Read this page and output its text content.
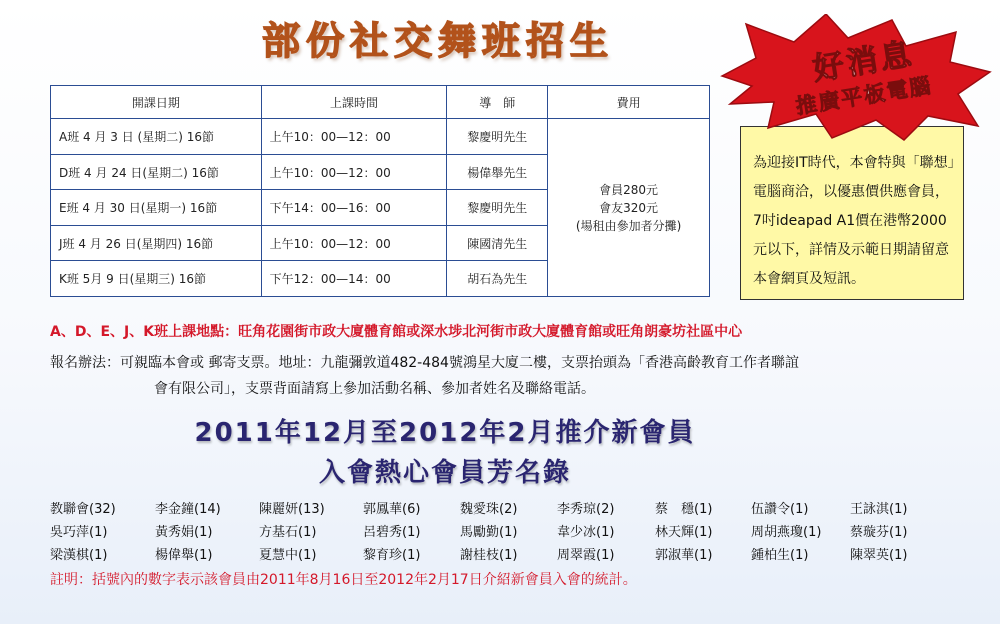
部份社交舞班招生
開課日期	上課時間	導　師	費用
A班 4 月 3 日 (星期二) 16節	上午10：00—12：00	黎慶明先生	會員280元
會友320元
(場租由參加者分攤)

D班 4 月 24 日(星期二) 16節	上午10：00—12：00	楊偉舉先生	
E班 4 月 30 日(星期一) 16節	下午14：00—16：00	黎慶明先生	
J班 4 月 26 日(星期四) 16節	上午10：00—12：00	陳國清先生	
K班 5月 9 日(星期三) 16節	下午12：00—14：00	胡石為先生	
為迎接IT時代，本會特與「聯想」電腦商洽，以優惠價供應會員，7吋ideapad A1價在港幣2000元以下，詳情及示範日期請留意本會網頁及短訊。
好消息
推廣平板電腦
A、D、E、J、K班上課地點：旺角花園街市政大廈體育館或深水埗北河街市政大廈體育館或旺角朗豪坊社區中心
報名辦法：可親臨本會或 郵寄支票。地址：九龍彌敦道482-484號鴻星大廈二樓，支票抬頭為「香港高齡教育工作者聯誼
會有限公司」，支票背面請寫上參加活動名稱、參加者姓名及聯絡電話。
2011年12月至2012年2月推介新會員
入會熱心會員芳名錄
教聯會(32)	李金鐘(14)	陳麗妍(13)	郭鳳華(6)	魏愛珠(2)	李秀琼(2)	蔡　穩(1)	伍讚令(1)	王詠淇(1)
吳巧萍(1)	黃秀娟(1)	方基石(1)	呂碧秀(1)	馬勵勤(1)	韋少冰(1)	林天輝(1)	周胡燕瓊(1)	蔡璇芬(1)
梁漢棋(1)	楊偉舉(1)	夏慧中(1)	黎育珍(1)	謝桂枝(1)	周翠霞(1)	郭淑華(1)	鍾柏生(1)	陳翠英(1)
註明：括號內的數字表示該會員由2011年8月16日至2012年2月17日介紹新會員入會的統計。
